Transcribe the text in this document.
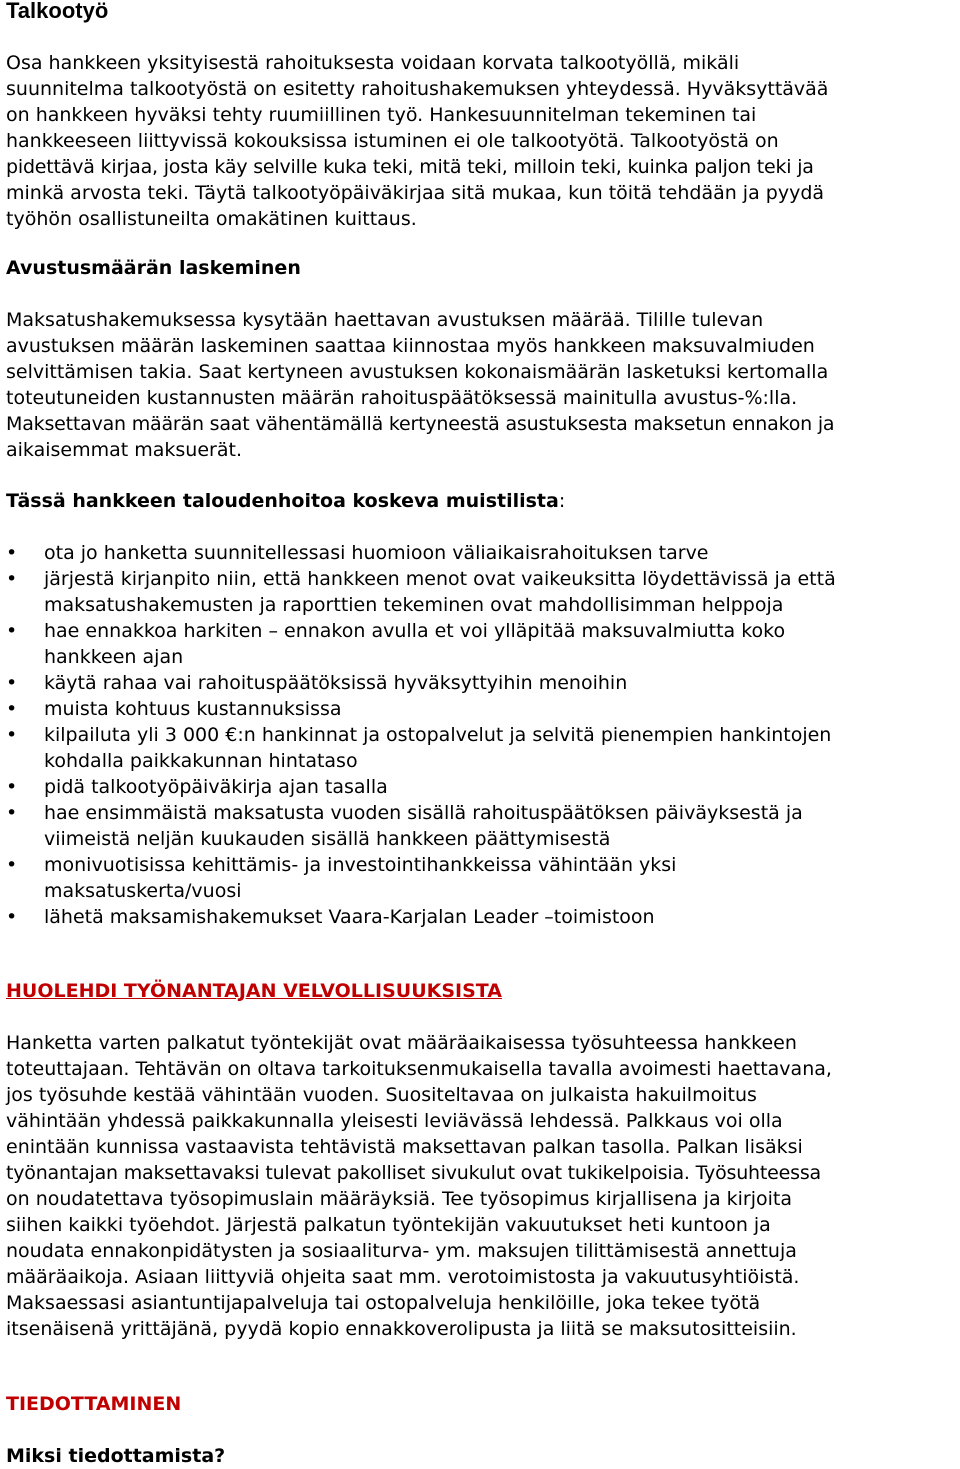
Talkootyö

Osa hankkeen yksityisestä rahoituksesta voidaan korvata talkootyöllä, mikäli
suunnitelma talkootyöstä on esitetty rahoitushakemuksen yhteydessä. Hyväksyttävää
on hankkeen hyväksi tehty ruumiillinen työ. Hankesuunnitelman tekeminen tai
hankkeeseen liittyvissä kokouksissa istuminen ei ole talkootyötä. Talkootyöstä on
pidettävä kirjaa, josta käy selville kuka teki, mitä teki, milloin teki, kuinka paljon teki ja
minkä arvosta teki. Täytä talkootyöpäiväkirjaa sitä mukaa, kun töitä tehdään ja pyydä
työhön osallistuneilta omakätinen kuittaus.

Avustusmäärän laskeminen

Maksatushakemuksessa kysytään haettavan avustuksen määrää. Tilille tulevan
avustuksen määrän laskeminen saattaa kiinnostaa myös hankkeen maksuvalmiuden
selvittämisen takia. Saat kertyneen avustuksen kokonaismäärän lasketuksi kertomalla
toteutuneiden kustannusten määrän rahoituspäätöksessä mainitulla avustus-%:lla.
Maksettavan määrän saat vähentämällä kertyneestä asustuksesta maksetun ennakon ja
aikaisemmat maksuerät.

Tässä hankkeen taloudenhoitoa koskeva muistilista:

•	ota jo hanketta suunnitellessasi huomioon väliaikaisrahoituksen tarve
•	järjestä kirjanpito niin, että hankkeen menot ovat vaikeuksitta löydettävissä ja että
maksatushakemusten ja raporttien tekeminen ovat mahdollisimman helppoja
•	hae ennakkoa harkiten – ennakon avulla et voi ylläpitää maksuvalmiutta koko
hankkeen ajan
•	käytä rahaa vai rahoituspäätöksissä hyväksyttyihin menoihin
•	muista kohtuus kustannuksissa
•	kilpailuta yli 3 000 €:n hankinnat ja ostopalvelut ja selvitä pienempien hankintojen
kohdalla paikkakunnan hintataso
•	pidä talkootyöpäiväkirja ajan tasalla
•	hae ensimmäistä maksatusta vuoden sisällä rahoituspäätöksen päiväyksestä ja
viimeistä neljän kuukauden sisällä hankkeen päättymisestä
•	monivuotisissa kehittämis- ja investointihankkeissa vähintään yksi
maksatuskerta/vuosi
•	lähetä maksamishakemukset Vaara-Karjalan Leader –toimistoon

HUOLEHDI TYÖNANTAJAN VELVOLLISUUKSISTA

Hanketta varten palkatut työntekijät ovat määräaikaisessa työsuhteessa hankkeen
toteuttajaan. Tehtävän on oltava tarkoituksenmukaisella tavalla avoimesti haettavana,
jos työsuhde kestää vähintään vuoden. Suositeltavaa on julkaista hakuilmoitus
vähintään yhdessä paikkakunnalla yleisesti leviävässä lehdessä. Palkkaus voi olla
enintään kunnissa vastaavista tehtävistä maksettavan palkan tasolla. Palkan lisäksi
työnantajan maksettavaksi tulevat pakolliset sivukulut ovat tukikelpoisia. Työsuhteessa
on noudatettava työsopimuslain määräyksiä. Tee työsopimus kirjallisena ja kirjoita
siihen kaikki työehdot. Järjestä palkatun työntekijän vakuutukset heti kuntoon ja
noudata ennakonpidätysten ja sosiaaliturva- ym. maksujen tilittämisestä annettuja
määräaikoja. Asiaan liittyviä ohjeita saat mm. verotoimistosta ja vakuutusyhtiöistä.
Maksaessasi asiantuntijapalveluja tai ostopalveluja henkilöille, joka tekee työtä
itsenäisenä yrittäjänä, pyydä kopio ennakkoverolipusta ja liitä se maksutositteisiin.

TIEDOTTAMINEN

Miksi tiedottamista?
